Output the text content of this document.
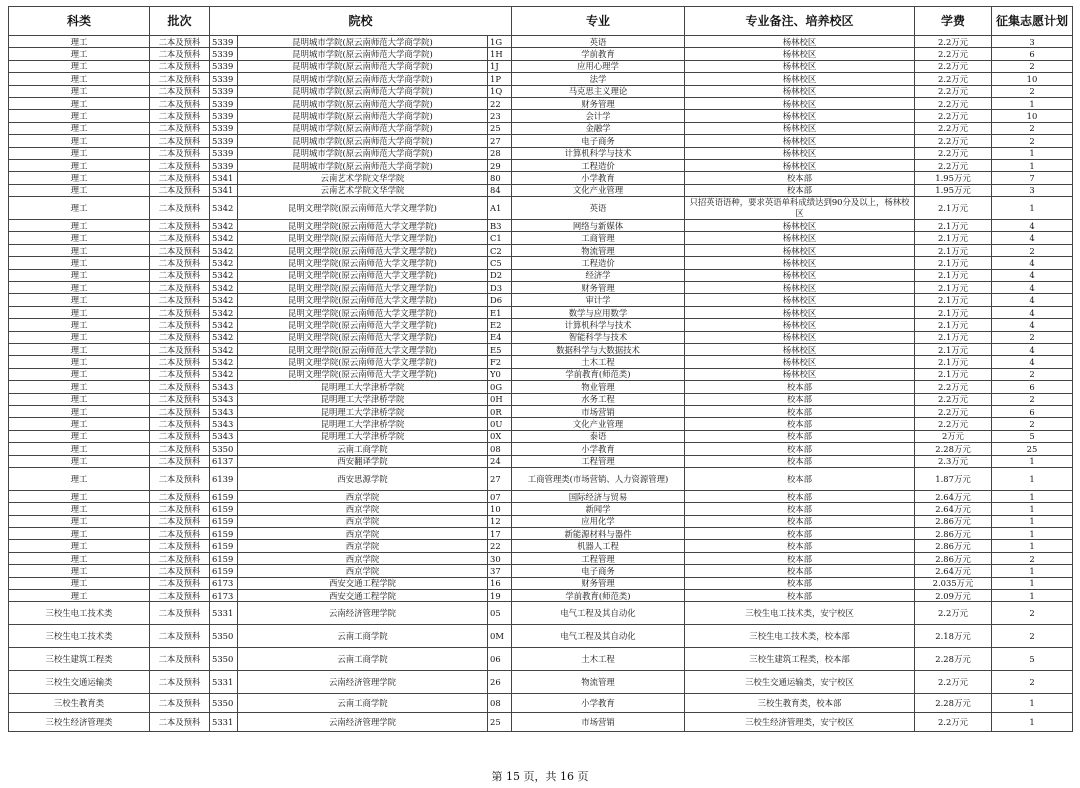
科类	批次	院校			专业	专业备注、培养校区	学费	征集志愿计划
理工	二本及预科	5339	昆明城市学院(原云南师范大学商学院)	1G	英语	杨林校区	2.2万元	3
理工	二本及预科	5339	昆明城市学院(原云南师范大学商学院)	1H	学前教育	杨林校区	2.2万元	6
理工	二本及预科	5339	昆明城市学院(原云南师范大学商学院)	1J	应用心理学	杨林校区	2.2万元	2
理工	二本及预科	5339	昆明城市学院(原云南师范大学商学院)	1P	法学	杨林校区	2.2万元	10
理工	二本及预科	5339	昆明城市学院(原云南师范大学商学院)	1Q	马克思主义理论	杨林校区	2.2万元	2
理工	二本及预科	5339	昆明城市学院(原云南师范大学商学院)	22	财务管理	杨林校区	2.2万元	1
理工	二本及预科	5339	昆明城市学院(原云南师范大学商学院)	23	会计学	杨林校区	2.2万元	10
理工	二本及预科	5339	昆明城市学院(原云南师范大学商学院)	25	金融学	杨林校区	2.2万元	2
理工	二本及预科	5339	昆明城市学院(原云南师范大学商学院)	27	电子商务	杨林校区	2.2万元	2
理工	二本及预科	5339	昆明城市学院(原云南师范大学商学院)	28	计算机科学与技术	杨林校区	2.2万元	1
理工	二本及预科	5339	昆明城市学院(原云南师范大学商学院)	29	工程造价	杨林校区	2.2万元	1
理工	二本及预科	5341	云南艺术学院文华学院	80	小学教育	校本部	1.95万元	7
理工	二本及预科	5341	云南艺术学院文华学院	84	文化产业管理	校本部	1.95万元	3
理工	二本及预科	5342	昆明文理学院(原云南师范大学文理学院)	A1	英语	只招英语语种，要求英语单科成绩达到90分及以上，杨林校区	2.1万元	1
理工	二本及预科	5342	昆明文理学院(原云南师范大学文理学院)	B3	网络与新媒体	杨林校区	2.1万元	4
理工	二本及预科	5342	昆明文理学院(原云南师范大学文理学院)	C1	工商管理	杨林校区	2.1万元	4
理工	二本及预科	5342	昆明文理学院(原云南师范大学文理学院)	C2	物流管理	杨林校区	2.1万元	2
理工	二本及预科	5342	昆明文理学院(原云南师范大学文理学院)	C5	工程造价	杨林校区	2.1万元	4
理工	二本及预科	5342	昆明文理学院(原云南师范大学文理学院)	D2	经济学	杨林校区	2.1万元	4
理工	二本及预科	5342	昆明文理学院(原云南师范大学文理学院)	D3	财务管理	杨林校区	2.1万元	4
理工	二本及预科	5342	昆明文理学院(原云南师范大学文理学院)	D6	审计学	杨林校区	2.1万元	4
理工	二本及预科	5342	昆明文理学院(原云南师范大学文理学院)	E1	数学与应用数学	杨林校区	2.1万元	4
理工	二本及预科	5342	昆明文理学院(原云南师范大学文理学院)	E2	计算机科学与技术	杨林校区	2.1万元	4
理工	二本及预科	5342	昆明文理学院(原云南师范大学文理学院)	E4	智能科学与技术	杨林校区	2.1万元	2
理工	二本及预科	5342	昆明文理学院(原云南师范大学文理学院)	E5	数据科学与大数据技术	杨林校区	2.1万元	4
理工	二本及预科	5342	昆明文理学院(原云南师范大学文理学院)	F2	土木工程	杨林校区	2.1万元	4
理工	二本及预科	5342	昆明文理学院(原云南师范大学文理学院)	Y0	学前教育(师范类)	杨林校区	2.1万元	2
理工	二本及预科	5343	昆明理工大学津桥学院	0G	物业管理	校本部	2.2万元	6
理工	二本及预科	5343	昆明理工大学津桥学院	0H	水务工程	校本部	2.2万元	2
理工	二本及预科	5343	昆明理工大学津桥学院	0R	市场营销	校本部	2.2万元	6
理工	二本及预科	5343	昆明理工大学津桥学院	0U	文化产业管理	校本部	2.2万元	2
理工	二本及预科	5343	昆明理工大学津桥学院	0X	泰语	校本部	2万元	5
理工	二本及预科	5350	云南工商学院	08	小学教育	校本部	2.28万元	25
理工	二本及预科	6137	西安翻译学院	24	工程管理	校本部	2.3万元	1
理工	二本及预科	6139	西安思源学院	27	工商管理类(市场营销、人力资源管理)	校本部	1.87万元	1
理工	二本及预科	6159	西京学院	07	国际经济与贸易	校本部	2.64万元	1
理工	二本及预科	6159	西京学院	10	新闻学	校本部	2.64万元	1
理工	二本及预科	6159	西京学院	12	应用化学	校本部	2.86万元	1
理工	二本及预科	6159	西京学院	17	新能源材料与器件	校本部	2.86万元	1
理工	二本及预科	6159	西京学院	22	机器人工程	校本部	2.86万元	1
理工	二本及预科	6159	西京学院	30	工程管理	校本部	2.86万元	2
理工	二本及预科	6159	西京学院	37	电子商务	校本部	2.64万元	1
理工	二本及预科	6173	西安交通工程学院	16	财务管理	校本部	2.035万元	1
理工	二本及预科	6173	西安交通工程学院	19	学前教育(师范类)	校本部	2.09万元	1
三校生电工技术类	二本及预科	5331	云南经济管理学院	05	电气工程及其自动化	三校生电工技术类，安宁校区	2.2万元	2
三校生电工技术类	二本及预科	5350	云南工商学院	0M	电气工程及其自动化	三校生电工技术类，校本部	2.18万元	2
三校生建筑工程类	二本及预科	5350	云南工商学院	06	土木工程	三校生建筑工程类，校本部	2.28万元	5
三校生交通运输类	二本及预科	5331	云南经济管理学院	26	物流管理	三校生交通运输类，安宁校区	2.2万元	2
三校生教育类	二本及预科	5350	云南工商学院	08	小学教育	三校生教育类，校本部	2.28万元	1
三校生经济管理类	二本及预科	5331	云南经济管理学院	25	市场营销	三校生经济管理类，安宁校区	2.2万元	1
第 15 页，共 16 页
